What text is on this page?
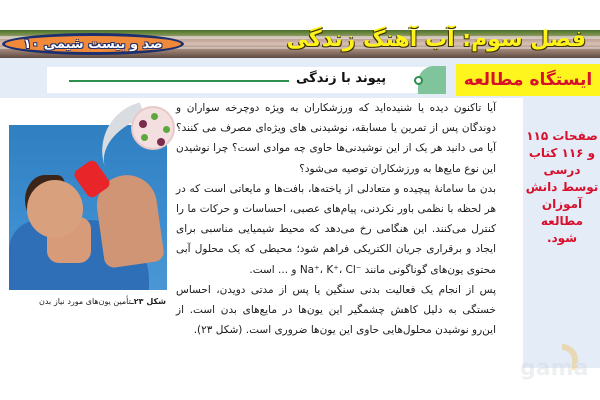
صد و بیست شیمی ۱۰	فصل سوم: آب آهنگ زندگی
پیوند با زندگی	ایستگاه مطالعه
صفحات ۱۱۵ و ۱۱۶ کتاب درسی توسط دانش آموزان مطالعه شود.
شکل ۲۳ـتأمین یون‌های مورد نیاز بدن

آیا تاکنون دیده یا شنیده‌اید که ورزشکاران به ویژه دوچرخه سواران و دوندگان پس از تمرین یا مسابقه، نوشیدنی های ویژه‌ای مصرف می کنند؟ آیا می دانید هر یک از این نوشیدنی‌ها حاوی چه موادی است؟ چرا نوشیدن این نوع مایع‌ها به ورزشکاران توصیه می‌شود؟

بدن ما سامانهٔ پیچیده و متعادلی از یاخته‌ها، بافت‌ها و مایعاتی است که در هر لحظه با نظمی باور نکردنی، پیام‌های عصبی، احساسات و حرکات ما را کنترل می‌کنند. این هنگامی رخ می‌دهد که محیط شیمیایی مناسبی برای ایجاد و برقراری جریان الکتریکی فراهم شود؛ محیطی که یک محلول آبی محتوی یون‌های گوناگونی مانند ‎Na⁺، K⁺، Cl⁻‎ و ... است.

پس از انجام یک فعالیت بدنی سنگین یا پس از مدتی دویدن، احساس خستگی به دلیل کاهش چشمگیر این یون‌ها در مایع‌های بدن است. از این‌رو نوشیدن محلول‌هایی حاوی این یون‌ها ضروری است. (شکل ۲۳).

gama
